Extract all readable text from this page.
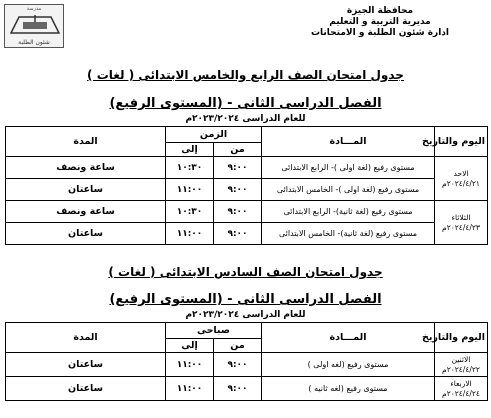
مدرسة
شئون الطلبة
محافظة الجيزة
مديرية التربية و التعليم
ادارة شئون الطلبة و الامتحانات
جدول امتحان الصف الرابع والخامس الابتدائى ( لغات )
الفصل الدراسى الثانى - (المستوى الرفيع)
للعام الدراسى ٢٠٢٣/٢٠٢٤م
اليوم والتاريخ	المـــادة	الزمن		المدة
		من	إلى	

الاحد
٢٠٢٤/٤/٢١م	مستوى رفيع (لغة اولى )- الرابع الابتدائى	٩:٠٠	١٠:٣٠	ساعة ونصف
	مستوى رفيع (لغة اولى )- الخامس الابتدائى	٩:٠٠	١١:٠٠	ساعتان

الثلاثاء
٢٠٢٤/٤/٢٣م	مستوى رفيع (لغة ثانية)- الرابع الابتدائى	٩:٠٠	١٠:٣٠	ساعة ونصف
	مستوى رفيع (لغة ثانية)- الخامس الابتدائى	٩:٠٠	١١:٠٠	ساعتان
جدول امتحان الصف السادس الابتدائى ( لغات )
الفصل الدراسى الثانى - (المستوى الرفيع)
للعام الدراسى ٢٠٢٣/٢٠٢٤م
اليوم والتاريخ	المـــادة	صباحى		المدة
		من	إلى	

الاثنين
٢٠٢٤/٤/٢٢م	مستوى رفيع (لغه اولى )	٩:٠٠	١١:٠٠	ساعتان

الاربعاء
٢٠٢٤/٤/٢٤م	مستوى رفيع (لغه ثانيه )	٩:٠٠	١١:٠٠	ساعتان
